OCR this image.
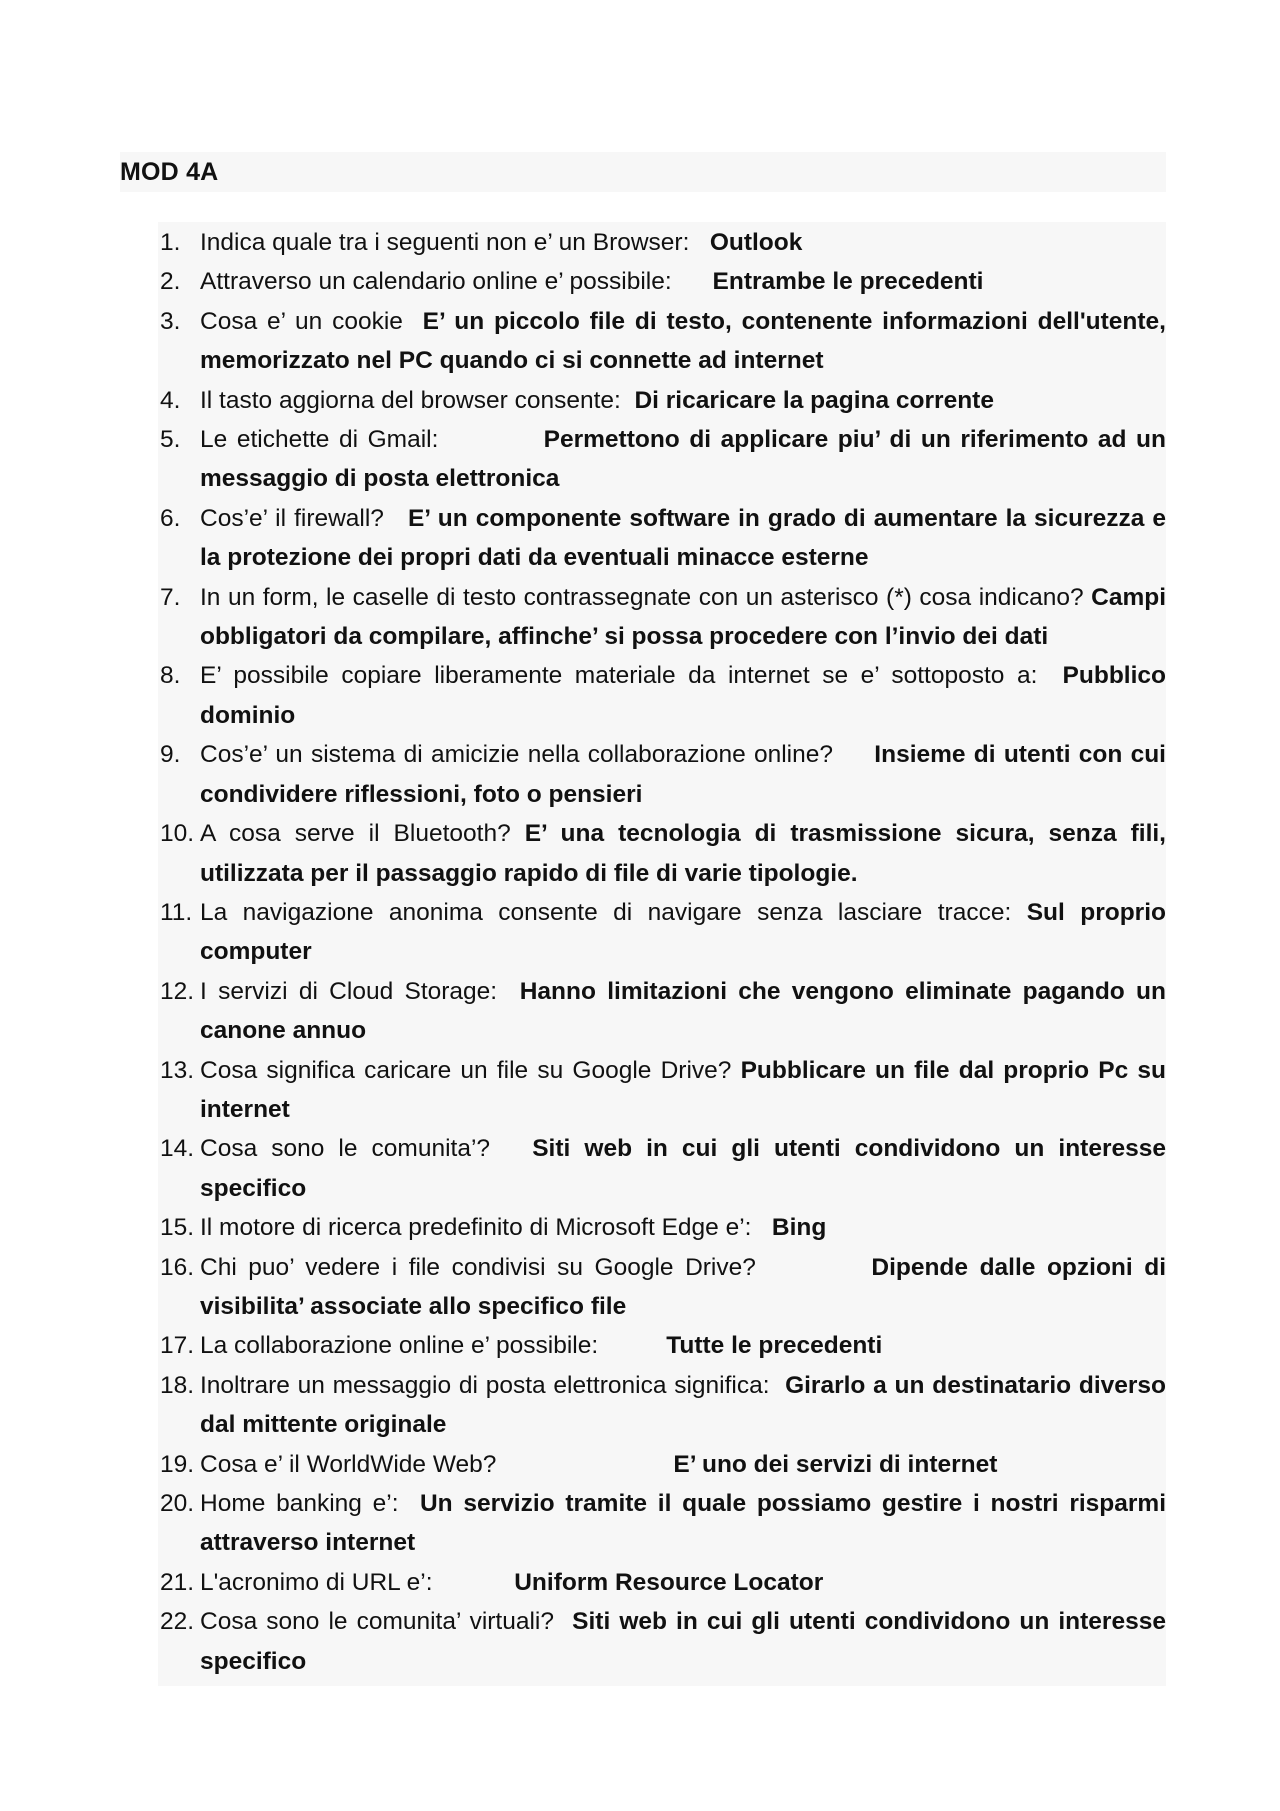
MOD 4A
1. Indica quale tra i seguenti non e’ un Browser: Outlook
2. Attraverso un calendario online e’ possibile: Entrambe le precedenti
3. Cosa e’ un cookie E’ un piccolo file di testo, contenente informazioni dell'utente, memorizzato nel PC quando ci si connette ad internet
4. Il tasto aggiorna del browser consente: Di ricaricare la pagina corrente
5. Le etichette di Gmail:	Permettono di applicare piu’ di un riferimento ad un messaggio di posta elettronica
6. Cos’e’ il firewall? E’ un componente software in grado di aumentare la sicurezza e la protezione dei propri dati da eventuali minacce esterne
7. In un form, le caselle di testo contrassegnate con un asterisco (*) cosa indicano? Campi obbligatori da compilare, affinche’ si possa procedere con l’invio dei dati
8. E’ possibile copiare liberamente materiale da internet se e’ sottoposto a: Pubblico dominio
9. Cos’e’ un sistema di amicizie nella collaborazione online? Insieme di utenti con cui condividere riflessioni, foto o pensieri
10. A cosa serve il Bluetooth? E’ una tecnologia di trasmissione sicura, senza fili, utilizzata per il passaggio rapido di file di varie tipologie.
11. La navigazione anonima consente di navigare senza lasciare tracce: Sul proprio computer
12. I servizi di Cloud Storage: Hanno limitazioni che vengono eliminate pagando un canone annuo
13. Cosa significa caricare un file su Google Drive? Pubblicare un file dal proprio Pc su internet
14. Cosa sono le comunita’? Siti web in cui gli utenti condividono un interesse specifico
15. Il motore di ricerca predefinito di Microsoft Edge e’: Bing
16. Chi puo’ vedere i file condivisi su Google Drive?	Dipende dalle opzioni di visibilita’ associate allo specifico file
17. La collaborazione online e’ possibile:	Tutte le precedenti
18. Inoltrare un messaggio di posta elettronica significa: Girarlo a un destinatario diverso dal mittente originale
19. Cosa e’ il WorldWide Web?	E’ uno dei servizi di internet
20. Home banking e’: Un servizio tramite il quale possiamo gestire i nostri risparmi attraverso internet
21. L'acronimo di URL e’:	Uniform Resource Locator
22. Cosa sono le comunita’ virtuali? Siti web in cui gli utenti condividono un interesse specifico
